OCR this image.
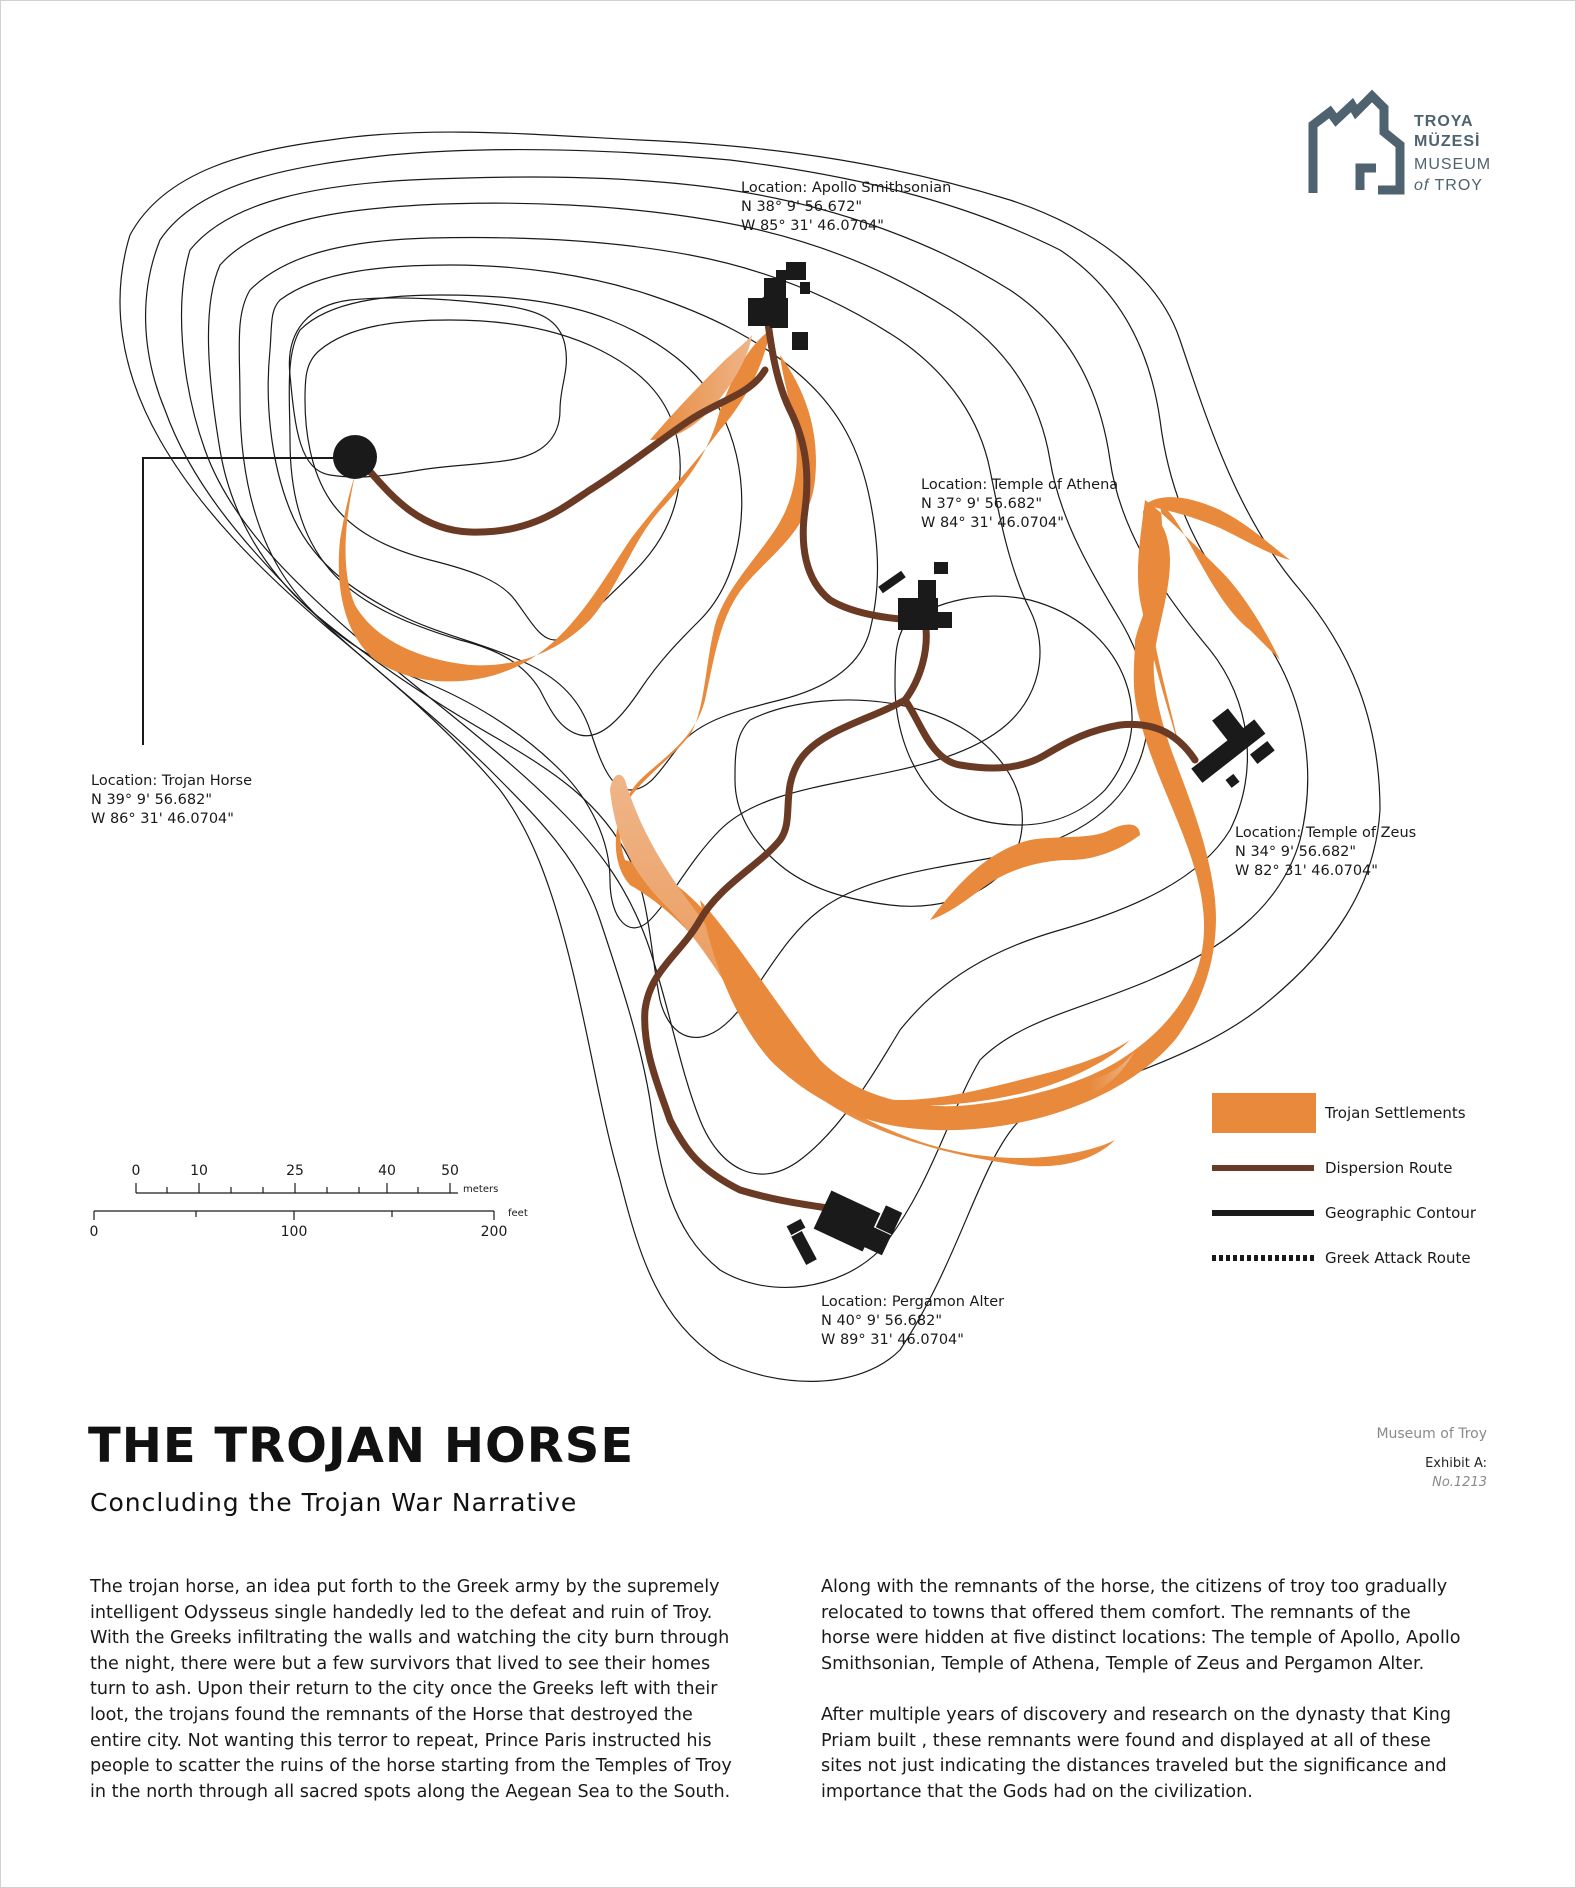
TROYA
MÜZESİ
MUSEUM
of TROY
Location: Apollo Smithsonian
N 38° 9' 56.672"
W 85° 31' 46.0704"
Location: Temple of Athena
N 37° 9' 56.682"
W 84° 31' 46.0704"
Location: Trojan Horse
N 39° 9' 56.682"
W 86° 31' 46.0704"
Location: Temple of Zeus
N 34° 9' 56.682"
W 82° 31' 46.0704"
Location: Pergamon Alter
N 40° 9' 56.682"
W 89° 31' 46.0704"
Trojan Settlements
Dispersion Route
Geographic Contour
Greek Attack Route
0	10	25	40	50
meters
0	100	200
feet
THE TROJAN HORSE
Concluding the Trojan War Narrative
Museum of Troy
Exhibit A:
No.1213
The trojan horse, an idea put forth to the Greek army by the supremely
intelligent Odysseus single handedly led to the defeat and ruin of Troy.
With the Greeks infiltrating the walls and watching the city burn through
the night, there were but a few survivors that lived to see their homes
turn to ash. Upon their return to the city once the Greeks left with their
loot, the trojans found the remnants of the Horse that destroyed the
entire city. Not wanting this terror to repeat, Prince Paris instructed his
people to scatter the ruins of the horse starting from the Temples of Troy
in the north through all sacred spots along the Aegean Sea to the South.
Along with the remnants of the horse, the citizens of troy too gradually
relocated to towns that offered them comfort. The remnants of the
horse were hidden at five distinct locations: The temple of Apollo, Apollo
Smithsonian, Temple of Athena, Temple of Zeus and Pergamon Alter.
After multiple years of discovery and research on the dynasty that King
Priam built , these remnants were found and displayed at all of these
sites not just indicating the distances traveled but the significance and
importance that the Gods had on the civilization.
